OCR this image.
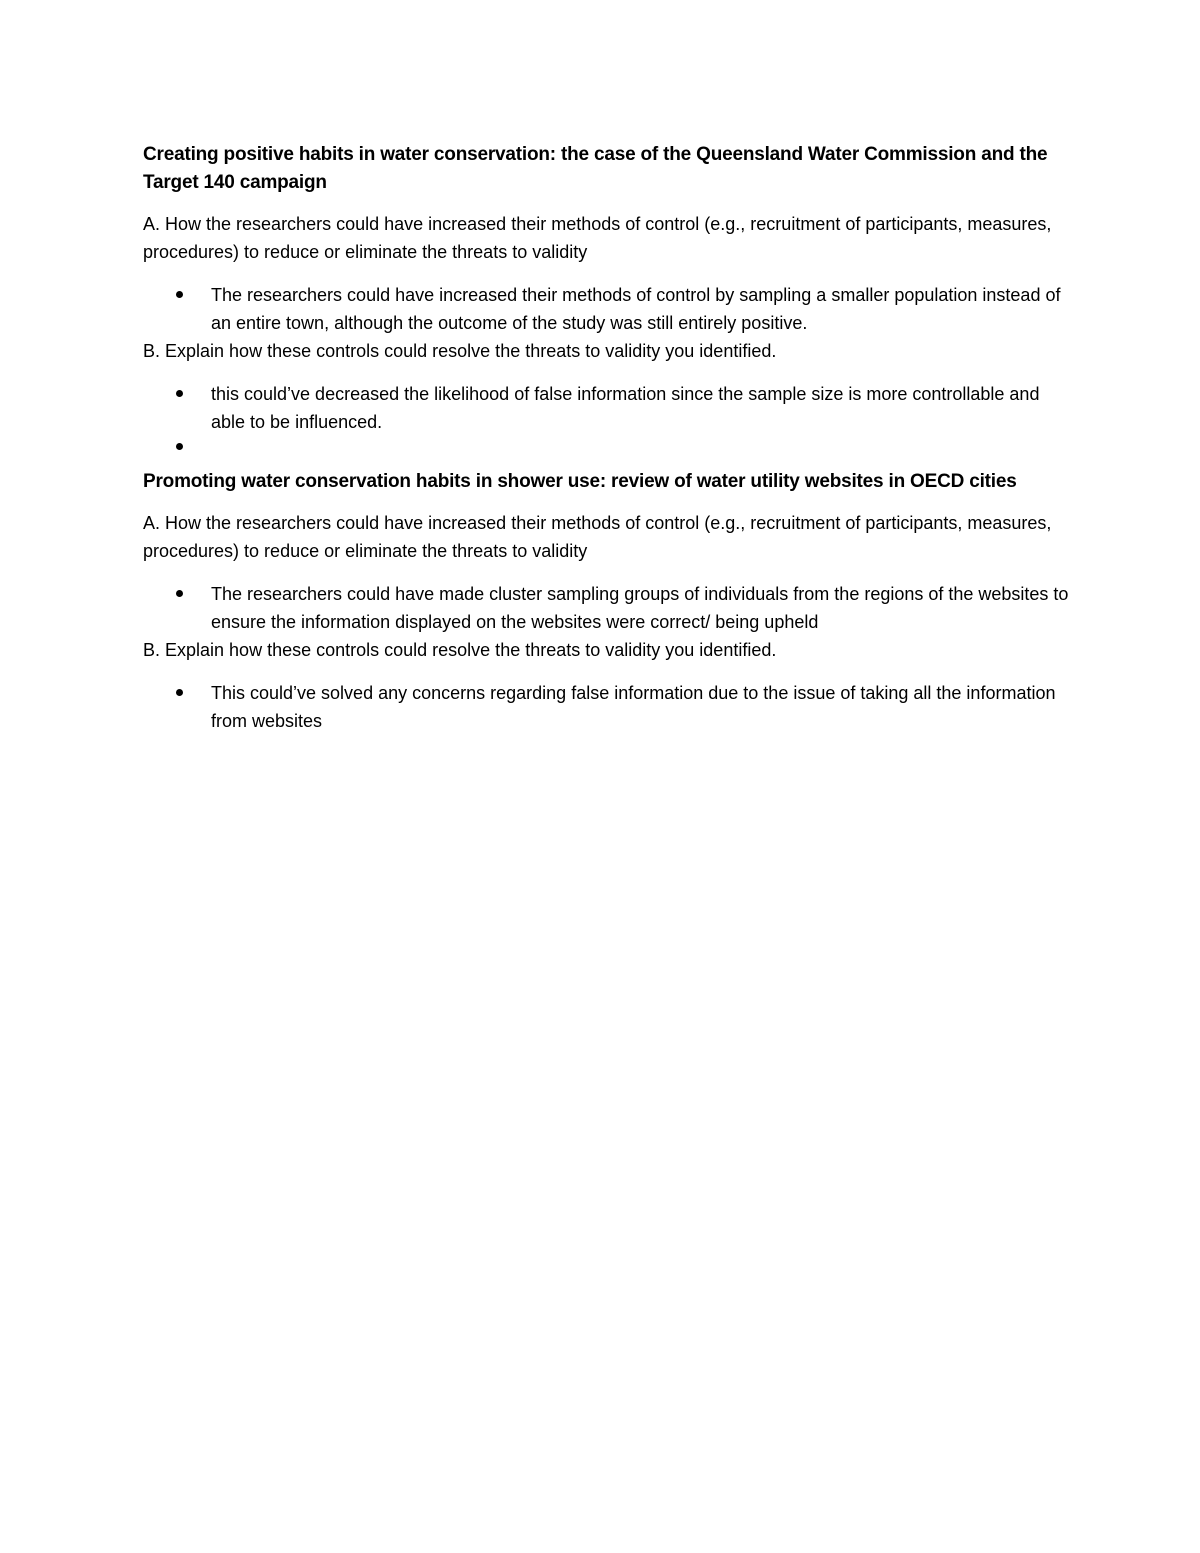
Creating positive habits in water conservation: the case of the Queensland Water Commission and the Target 140 campaign
A. How the researchers could have increased their methods of control (e.g., recruitment of participants, measures, procedures) to reduce or eliminate the threats to validity
The researchers could have increased their methods of control by sampling a smaller population instead of an entire town, although the outcome of the study was still entirely positive.
B. Explain how these controls could resolve the threats to validity you identified.
this could’ve decreased the likelihood of false information since the sample size is more controllable and able to be influenced.
Promoting water conservation habits in shower use: review of water utility websites in OECD cities
A. How the researchers could have increased their methods of control (e.g., recruitment of participants, measures, procedures) to reduce or eliminate the threats to validity
The researchers could have made cluster sampling groups of individuals from the regions of the websites to ensure the information displayed on the websites were correct/ being upheld
B. Explain how these controls could resolve the threats to validity you identified.
This could’ve solved any concerns regarding false information due to the issue of taking all the information from websites
